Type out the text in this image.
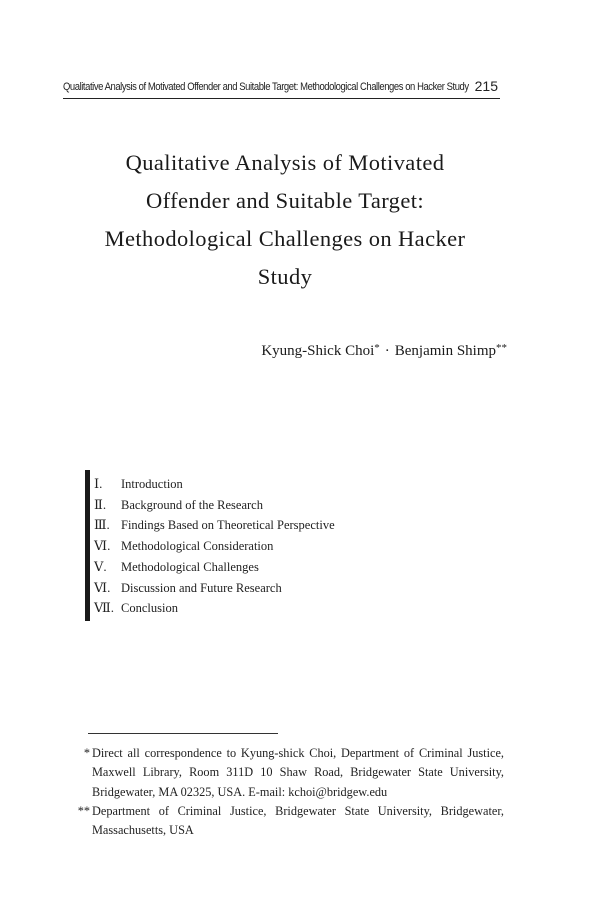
Qualitative Analysis of Motivated Offender and Suitable Target: Methodological Challenges on Hacker Study 215
Qualitative Analysis of Motivated
Offender and Suitable Target:
Methodological Challenges on Hacker
Study
Kyung-Shick Choi* · Benjamin Shimp**
Ⅰ. Introduction
Ⅱ. Background of the Research
Ⅲ. Findings Based on Theoretical Perspective
Ⅵ. Methodological Consideration
Ⅴ. Methodological Challenges
Ⅵ. Discussion and Future Research
Ⅶ. Conclusion
* Direct all correspondence to Kyung-shick Choi, Department of Criminal Justice, Maxwell Library, Room 311D 10 Shaw Road, Bridgewater State University, Bridgewater, MA 02325, USA. E-mail: kchoi@bridgew.edu
** Department of Criminal Justice, Bridgewater State University, Bridgewater, Massachusetts, USA
